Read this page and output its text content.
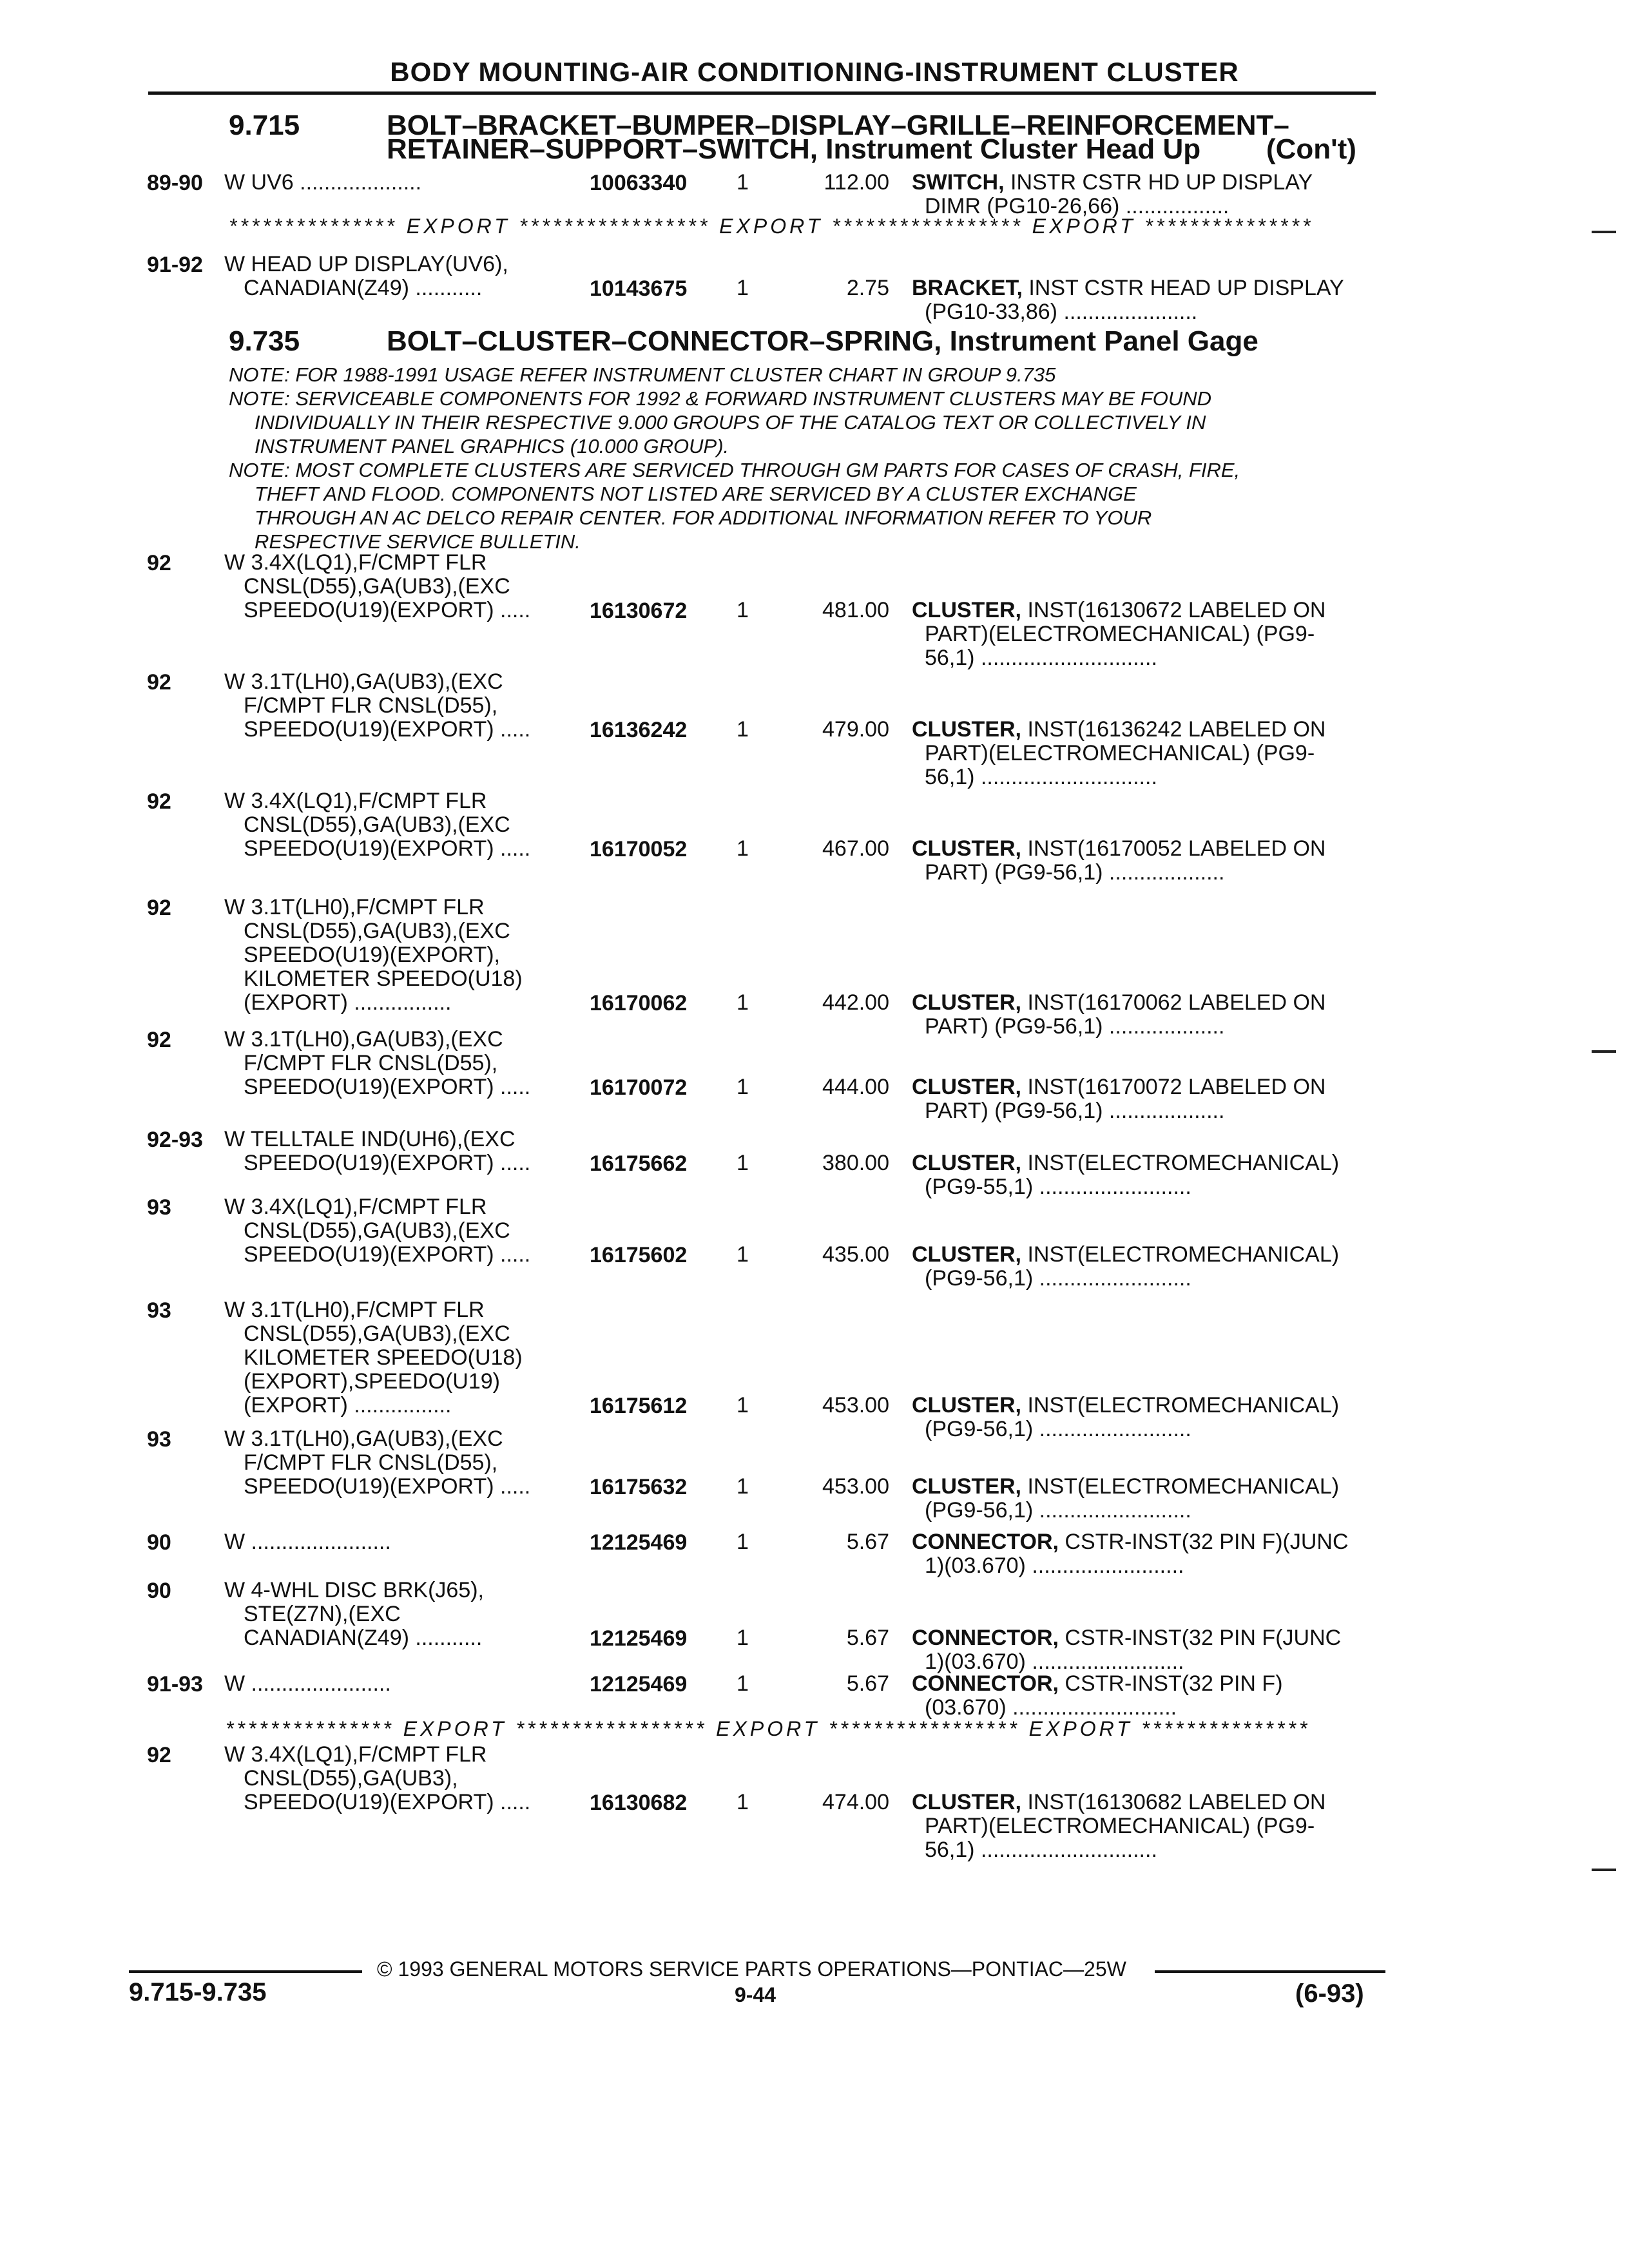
BODY MOUNTING-AIR CONDITIONING-INSTRUMENT CLUSTER
9.715	BOLT–BRACKET–BUMPER–DISPLAY–GRILLE–REINFORCEMENT–
RETAINER–SUPPORT–SWITCH, Instrument Cluster Head Up (Con't)
89-90 W UV6 ....................	10063340 1	112.00 SWITCH, INSTR CSTR HD UP DISPLAY
DIMR (PG10-26,66) .................
91-92 W HEAD UP DISPLAY(UV6),
CANADIAN(Z49) ...........	10143675 1	2.75 BRACKET, INST CSTR HEAD UP DISPLAY
(PG10-33,86) ......................
92 W 3.4X(LQ1),F/CMPT FLR
CNSL(D55),GA(UB3),(EXC
SPEEDO(U19)(EXPORT) .....	16130672 1	481.00 CLUSTER, INST(16130672 LABELED ON
PART)(ELECTROMECHANICAL) (PG9-
56,1) .............................
92 W 3.1T(LH0),GA(UB3),(EXC
F/CMPT FLR CNSL(D55),
SPEEDO(U19)(EXPORT) .....	16136242 1	479.00 CLUSTER, INST(16136242 LABELED ON
PART)(ELECTROMECHANICAL) (PG9-
56,1) .............................
92 W 3.4X(LQ1),F/CMPT FLR
CNSL(D55),GA(UB3),(EXC
SPEEDO(U19)(EXPORT) .....	16170052 1	467.00 CLUSTER, INST(16170052 LABELED ON
PART) (PG9-56,1) ...................
92 W 3.1T(LH0),F/CMPT FLR
CNSL(D55),GA(UB3),(EXC
SPEEDO(U19)(EXPORT),
KILOMETER SPEEDO(U18)
(EXPORT) ................	16170062 1	442.00 CLUSTER, INST(16170062 LABELED ON
PART) (PG9-56,1) ...................
92 W 3.1T(LH0),GA(UB3),(EXC
F/CMPT FLR CNSL(D55),
SPEEDO(U19)(EXPORT) .....	16170072 1	444.00 CLUSTER, INST(16170072 LABELED ON
PART) (PG9-56,1) ...................
92-93 W TELLTALE IND(UH6),(EXC
SPEEDO(U19)(EXPORT) .....	16175662 1	380.00 CLUSTER, INST(ELECTROMECHANICAL)
(PG9-55,1) .........................
93 W 3.4X(LQ1),F/CMPT FLR
CNSL(D55),GA(UB3),(EXC
SPEEDO(U19)(EXPORT) .....	16175602 1	435.00 CLUSTER, INST(ELECTROMECHANICAL)
(PG9-56,1) .........................
93 W 3.1T(LH0),F/CMPT FLR
CNSL(D55),GA(UB3),(EXC
KILOMETER SPEEDO(U18)
(EXPORT),SPEEDO(U19)
(EXPORT) ................	16175612 1	453.00 CLUSTER, INST(ELECTROMECHANICAL)
(PG9-56,1) .........................
93 W 3.1T(LH0),GA(UB3),(EXC
F/CMPT FLR CNSL(D55),
SPEEDO(U19)(EXPORT) .....	16175632 1	453.00 CLUSTER, INST(ELECTROMECHANICAL)
(PG9-56,1) .........................
90 W .......................	12125469 1	5.67 CONNECTOR, CSTR-INST(32 PIN F)(JUNC
1)(03.670) .........................
90 W 4-WHL DISC BRK(J65),
STE(Z7N),(EXC
CANADIAN(Z49) ...........	12125469 1	5.67 CONNECTOR, CSTR-INST(32 PIN F(JUNC
1)(03.670) .........................
91-93 W .......................	12125469 1	5.67 CONNECTOR, CSTR-INST(32 PIN F)
(03.670) ...........................
92 W 3.4X(LQ1),F/CMPT FLR
CNSL(D55),GA(UB3),
SPEEDO(U19)(EXPORT) .....	16130682 1	474.00 CLUSTER, INST(16130682 LABELED ON
PART)(ELECTROMECHANICAL) (PG9-
56,1) .............................
*************** EXPORT ***************** EXPORT ***************** EXPORT ***************
9.735	BOLT–CLUSTER–CONNECTOR–SPRING, Instrument Panel Gage
NOTE: FOR 1988-1991 USAGE REFER INSTRUMENT CLUSTER CHART IN GROUP 9.735
NOTE: SERVICEABLE COMPONENTS FOR 1992 & FORWARD INSTRUMENT CLUSTERS MAY BE FOUND
INDIVIDUALLY IN THEIR RESPECTIVE 9.000 GROUPS OF THE CATALOG TEXT OR COLLECTIVELY IN
INSTRUMENT PANEL GRAPHICS (10.000 GROUP).
NOTE: MOST COMPLETE CLUSTERS ARE SERVICED THROUGH GM PARTS FOR CASES OF CRASH, FIRE,
THEFT AND FLOOD. COMPONENTS NOT LISTED ARE SERVICED BY A CLUSTER EXCHANGE
THROUGH AN AC DELCO REPAIR CENTER. FOR ADDITIONAL INFORMATION REFER TO YOUR
RESPECTIVE SERVICE BULLETIN.
*************** EXPORT ***************** EXPORT ***************** EXPORT ***************
© 1993 GENERAL MOTORS SERVICE PARTS OPERATIONS—PONTIAC—25W
9.715-9.735	9-44	(6-93)
